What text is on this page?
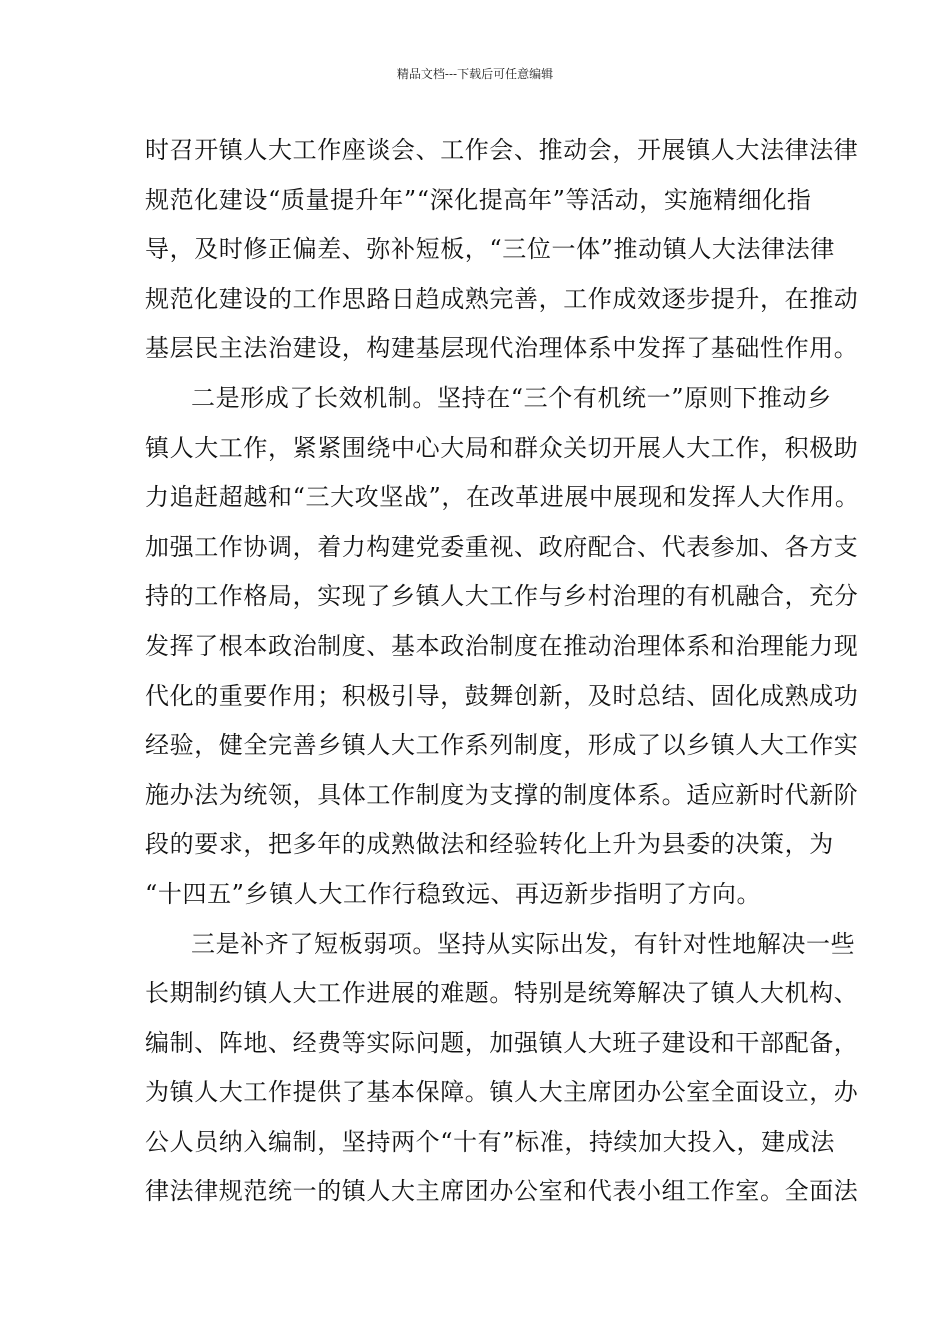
精品文档---下载后可任意编辑
时召开镇人大工作座谈会、工作会、推动会，开展镇人大法律法律
规范化建设“质量提升年”“深化提高年”等活动，实施精细化指
导，及时修正偏差、弥补短板，“三位一体”推动镇人大法律法律
规范化建设的工作思路日趋成熟完善，工作成效逐步提升，在推动
基层民主法治建设，构建基层现代治理体系中发挥了基础性作用。
二是形成了长效机制。坚持在“三个有机统一”原则下推动乡
镇人大工作，紧紧围绕中心大局和群众关切开展人大工作，积极助
力追赶超越和“三大攻坚战”，在改革进展中展现和发挥人大作用。
加强工作协调，着力构建党委重视、政府配合、代表参加、各方支
持的工作格局，实现了乡镇人大工作与乡村治理的有机融合，充分
发挥了根本政治制度、基本政治制度在推动治理体系和治理能力现
代化的重要作用；积极引导，鼓舞创新，及时总结、固化成熟成功
经验，健全完善乡镇人大工作系列制度，形成了以乡镇人大工作实
施办法为统领，具体工作制度为支撑的制度体系。适应新时代新阶
段的要求，把多年的成熟做法和经验转化上升为县委的决策，为
“十四五”乡镇人大工作行稳致远、再迈新步指明了方向。
三是补齐了短板弱项。坚持从实际出发，有针对性地解决一些
长期制约镇人大工作进展的难题。特别是统筹解决了镇人大机构、
编制、阵地、经费等实际问题，加强镇人大班子建设和干部配备，
为镇人大工作提供了基本保障。镇人大主席团办公室全面设立，办
公人员纳入编制，坚持两个“十有”标准，持续加大投入，建成法
律法律规范统一的镇人大主席团办公室和代表小组工作室。全面法
